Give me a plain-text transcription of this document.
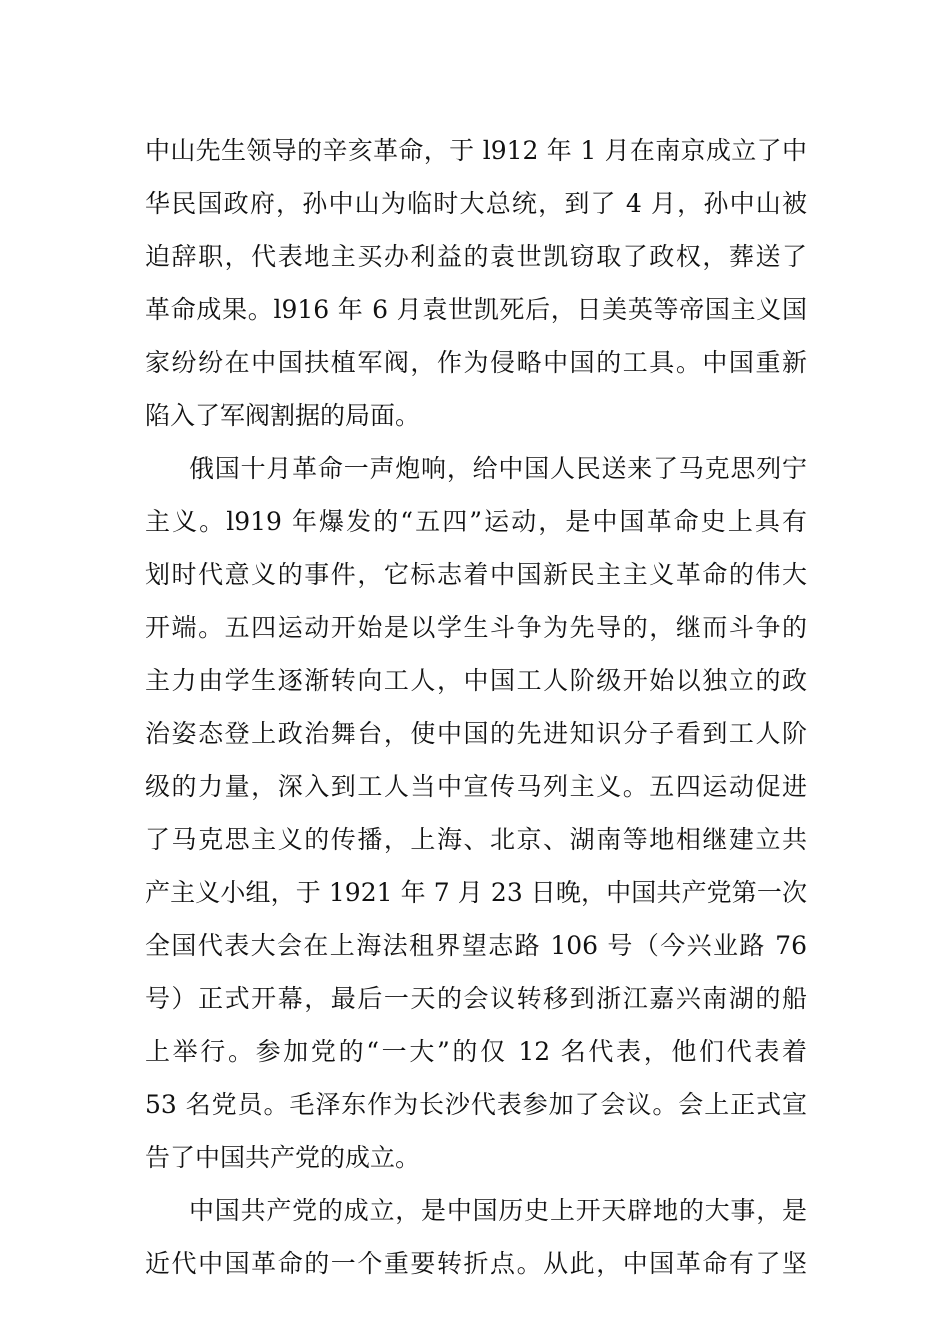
中山先生领导的辛亥革命，于 l912 年 1 月在南京成立了中
华民国政府，孙中山为临时大总统，到了 4 月，孙中山被
迫辞职，代表地主买办利益的袁世凯窃取了政权，葬送了
革命成果。l916 年 6 月袁世凯死后，日美英等帝国主义国
家纷纷在中国扶植军阀，作为侵略中国的工具。中国重新
陷入了军阀割据的局面。
俄国十月革命一声炮响，给中国人民送来了马克思列宁
主义。l919 年爆发的“五四”运动，是中国革命史上具有
划时代意义的事件，它标志着中国新民主主义革命的伟大
开端。五四运动开始是以学生斗争为先导的，继而斗争的
主力由学生逐渐转向工人，中国工人阶级开始以独立的政
治姿态登上政治舞台，使中国的先进知识分子看到工人阶
级的力量，深入到工人当中宣传马列主义。五四运动促进
了马克思主义的传播，上海、北京、湖南等地相继建立共
产主义小组，于 1921 年 7 月 23 日晚，中国共产党第一次
全国代表大会在上海法租界望志路 106 号（今兴业路 76
号）正式开幕，最后一天的会议转移到浙江嘉兴南湖的船
上举行。参加党的“一大”的仅 12 名代表，他们代表着
53 名党员。毛泽东作为长沙代表参加了会议。会上正式宣
告了中国共产党的成立。
中国共产党的成立，是中国历史上开天辟地的大事，是
近代中国革命的一个重要转折点。从此，中国革命有了坚
